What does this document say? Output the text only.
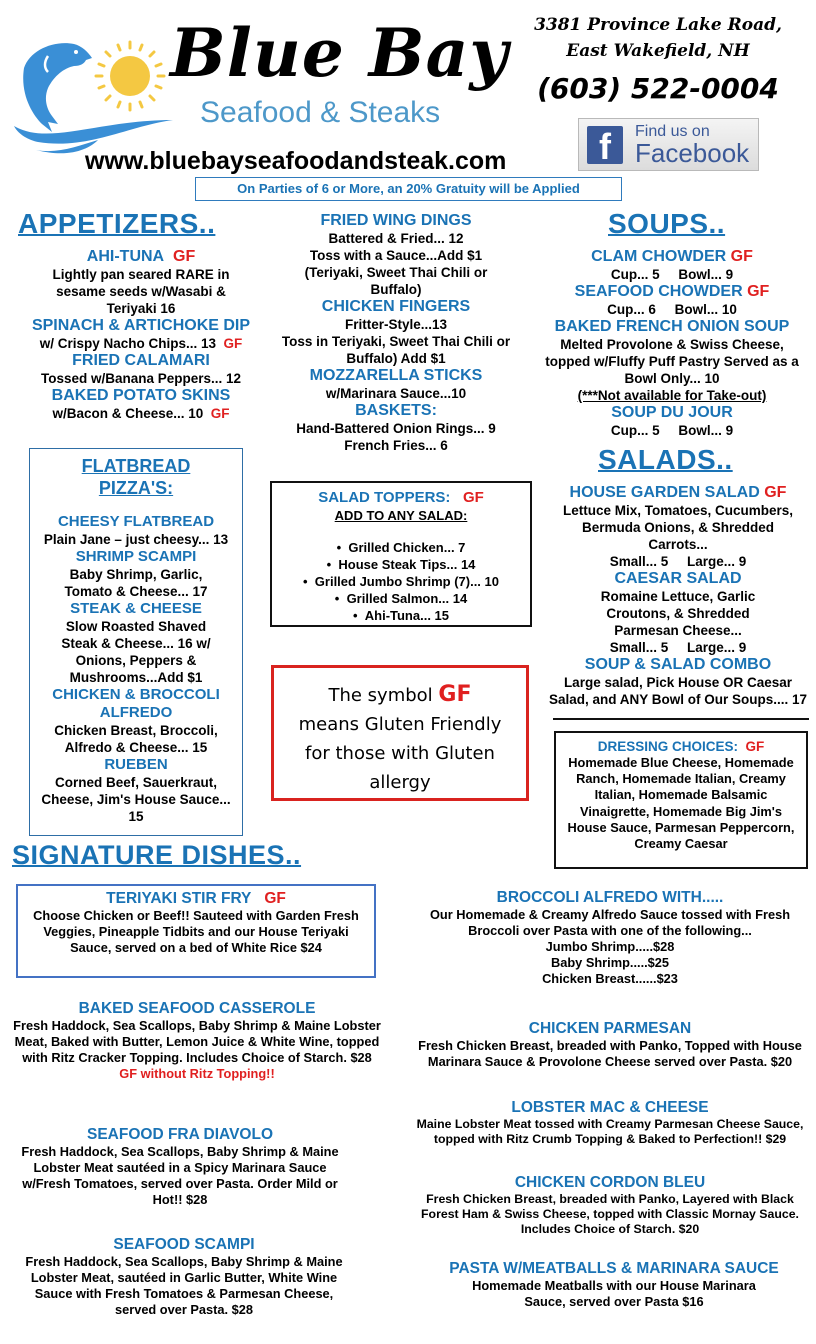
Blue Bay
Seafood & Steaks
www.bluebayseafoodandsteak.com
3381 Province Lake Road,
East Wakefield, NH
(603) 522-0004
f	Find us on
Facebook
On Parties of 6 or More, an 20% Gratuity will be Applied
APPETIZERS..
AHI-TUNA GF
Lightly pan seared RARE in sesame seeds w/Wasabi & Teriyaki 16
SPINACH & ARTICHOKE DIP
w/ Crispy Nacho Chips... 13 GF
FRIED CALAMARI
Tossed w/Banana Peppers... 12
BAKED POTATO SKINS
w/Bacon & Cheese... 10 GF
FRIED WING DINGS
Battered & Fried... 12
Toss with a Sauce...Add $1
(Teriyaki, Sweet Thai Chili or Buffalo)
CHICKEN FINGERS
Fritter-Style...13
Toss in Teriyaki, Sweet Thai Chili or Buffalo) Add $1
MOZZARELLA STICKS
w/Marinara Sauce...10
BASKETS:
Hand-Battered Onion Rings... 9
French Fries... 6
SOUPS..
CLAM CHOWDER GF
Cup... 5     Bowl... 9
SEAFOOD CHOWDER GF
Cup... 6     Bowl... 10
BAKED FRENCH ONION SOUP
Melted Provolone & Swiss Cheese, topped w/Fluffy Puff Pastry Served as a Bowl Only... 10
(***Not available for Take-out)
SOUP DU JOUR
Cup... 5     Bowl... 9
SALADS..
HOUSE GARDEN SALAD GF
Lettuce Mix, Tomatoes, Cucumbers, Bermuda Onions, & Shredded Carrots...
Small... 5     Large... 9
CAESAR SALAD
Romaine Lettuce, Garlic Croutons, & Shredded Parmesan Cheese...
Small... 5     Large... 9
SOUP & SALAD COMBO
Large salad, Pick House OR Caesar Salad, and ANY Bowl of Our Soups.... 17
FLATBREAD
PIZZA'S:
CHEESY FLATBREAD
Plain Jane – just cheesy... 13
SHRIMP SCAMPI
Baby Shrimp, Garlic, Tomato & Cheese... 17
STEAK & CHEESE
Slow Roasted Shaved Steak & Cheese... 16 w/ Onions, Peppers & Mushrooms...Add $1
CHICKEN & BROCCOLI ALFREDO
Chicken Breast, Broccoli, Alfredo & Cheese... 15
RUEBEN
Corned Beef, Sauerkraut, Cheese, Jim's House Sauce... 15
SALAD TOPPERS: GF
ADD TO ANY SALAD:
•  Grilled Chicken... 7
•  House Steak Tips... 14
•  Grilled Jumbo Shrimp (7)... 10
•  Grilled Salmon... 14
•  Ahi-Tuna... 15
The symbol GF
means Gluten Friendly
for those with Gluten
allergy
DRESSING CHOICES: GF
Homemade Blue Cheese, Homemade Ranch, Homemade Italian, Creamy Italian, Homemade Balsamic Vinaigrette, Homemade Big Jim's House Sauce, Parmesan Peppercorn, Creamy Caesar
SIGNATURE DISHES..
TERIYAKI STIR FRY GF
Choose Chicken or Beef!! Sauteed with Garden Fresh Veggies, Pineapple Tidbits and our House Teriyaki Sauce, served on a bed of White Rice $24
BAKED SEAFOOD CASSEROLE
Fresh Haddock, Sea Scallops, Baby Shrimp & Maine Lobster Meat, Baked with Butter, Lemon Juice & White Wine, topped with Ritz Cracker Topping. Includes Choice of Starch. $28
GF without Ritz Topping!!
SEAFOOD FRA DIAVOLO
Fresh Haddock, Sea Scallops, Baby Shrimp & Maine Lobster Meat sautéed in a Spicy Marinara Sauce w/Fresh Tomatoes, served over Pasta. Order Mild or Hot!! $28
SEAFOOD SCAMPI
Fresh Haddock, Sea Scallops, Baby Shrimp & Maine Lobster Meat, sautéed in Garlic Butter, White Wine Sauce with Fresh Tomatoes & Parmesan Cheese, served over Pasta. $28
BROCCOLI ALFREDO WITH.....
Our Homemade & Creamy Alfredo Sauce tossed with Fresh Broccoli over Pasta with one of the following...
Jumbo Shrimp.....$28
Baby Shrimp.....$25
Chicken Breast......$23
CHICKEN PARMESAN
Fresh Chicken Breast, breaded with Panko, Topped with House Marinara Sauce & Provolone Cheese served over Pasta. $20
LOBSTER MAC & CHEESE
Maine Lobster Meat tossed with Creamy Parmesan Cheese Sauce, topped with Ritz Crumb Topping & Baked to Perfection!! $29
CHICKEN CORDON BLEU
Fresh Chicken Breast, breaded with Panko, Layered with Black Forest Ham & Swiss Cheese, topped with Classic Mornay Sauce. Includes Choice of Starch. $20
PASTA W/MEATBALLS & MARINARA SAUCE
Homemade Meatballs with our House Marinara Sauce, served over Pasta $16
